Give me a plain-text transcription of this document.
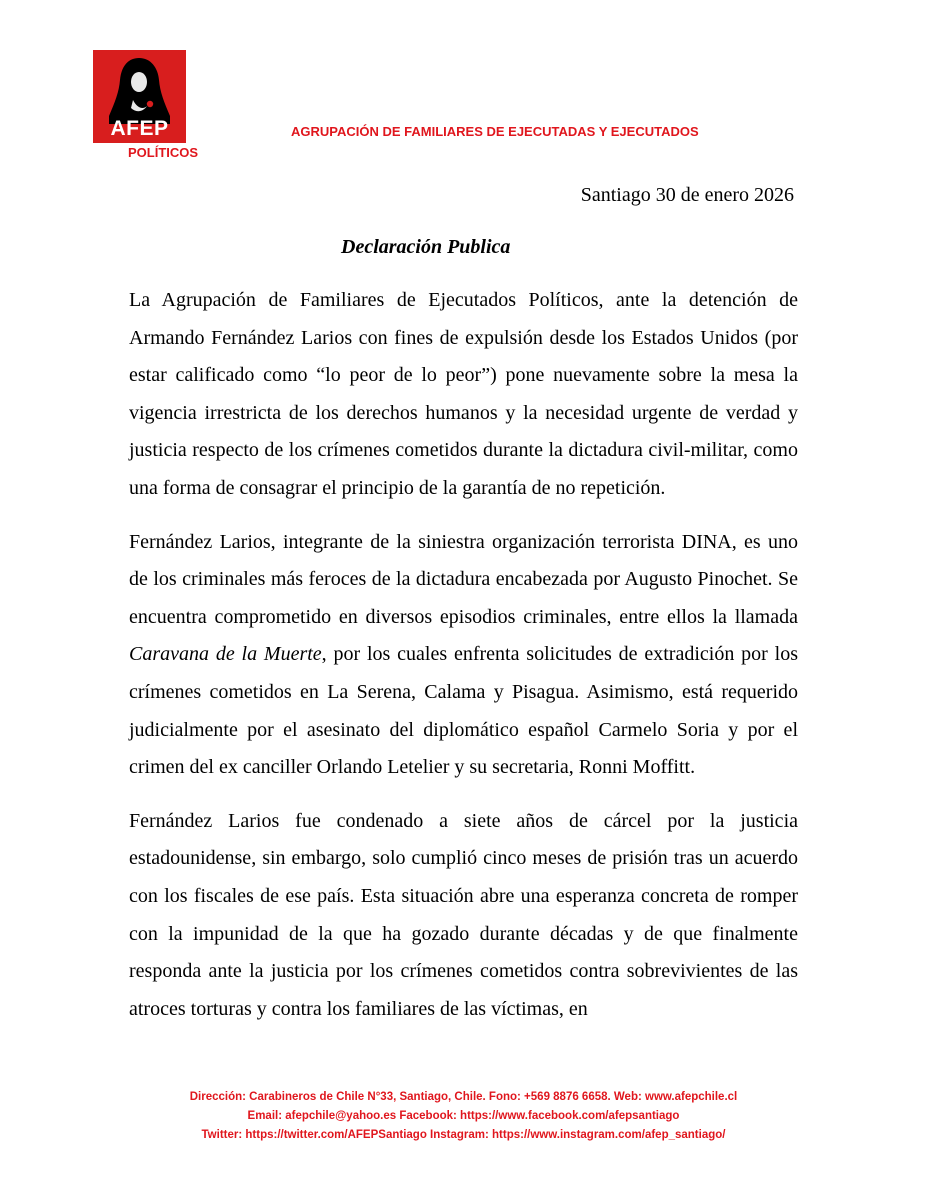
AFEP	AGRUPACIÓN DE FAMILIARES DE EJECUTADAS Y EJECUTADOS
POLÍTICOS
Santiago 30 de enero 2026
Declaración Publica

La Agrupación de Familiares de Ejecutados Políticos, ante la detención de Armando Fernández Larios con fines de expulsión desde los Estados Unidos (por estar calificado como “lo peor de lo peor”) pone nuevamente sobre la mesa la vigencia irrestricta de los derechos humanos y la necesidad urgente de verdad y justicia respecto de los crímenes cometidos durante la dictadura civil-militar, como una forma de consagrar el principio de la garantía de no repetición.

Fernández Larios, integrante de la siniestra organización terrorista DINA, es uno de los criminales más feroces de la dictadura encabezada por Augusto Pinochet. Se encuentra comprometido en diversos episodios criminales, entre ellos la llamada Caravana de la Muerte, por los cuales enfrenta solicitudes de extradición por los crímenes cometidos en La Serena, Calama y Pisagua. Asimismo, está requerido judicialmente por el asesinato del diplomático español Carmelo Soria y por el crimen del ex canciller Orlando Letelier y su secretaria, Ronni Moffitt.

Fernández Larios fue condenado a siete años de cárcel por la justicia estadounidense, sin embargo, solo cumplió cinco meses de prisión tras un acuerdo con los fiscales de ese país. Esta situación abre una esperanza concreta de romper con la impunidad de la que ha gozado durante décadas y de que finalmente responda ante la justicia por los crímenes cometidos contra sobrevivientes de las atroces torturas y contra los familiares de las víctimas, en

Dirección: Carabineros de Chile N°33, Santiago, Chile. Fono: +569 8876 6658. Web: www.afepchile.cl
Email: afepchile@yahoo.es Facebook: https://www.facebook.com/afepsantiago
Twitter: https://twitter.com/AFEPSantiago Instagram: https://www.instagram.com/afep_santiago/
